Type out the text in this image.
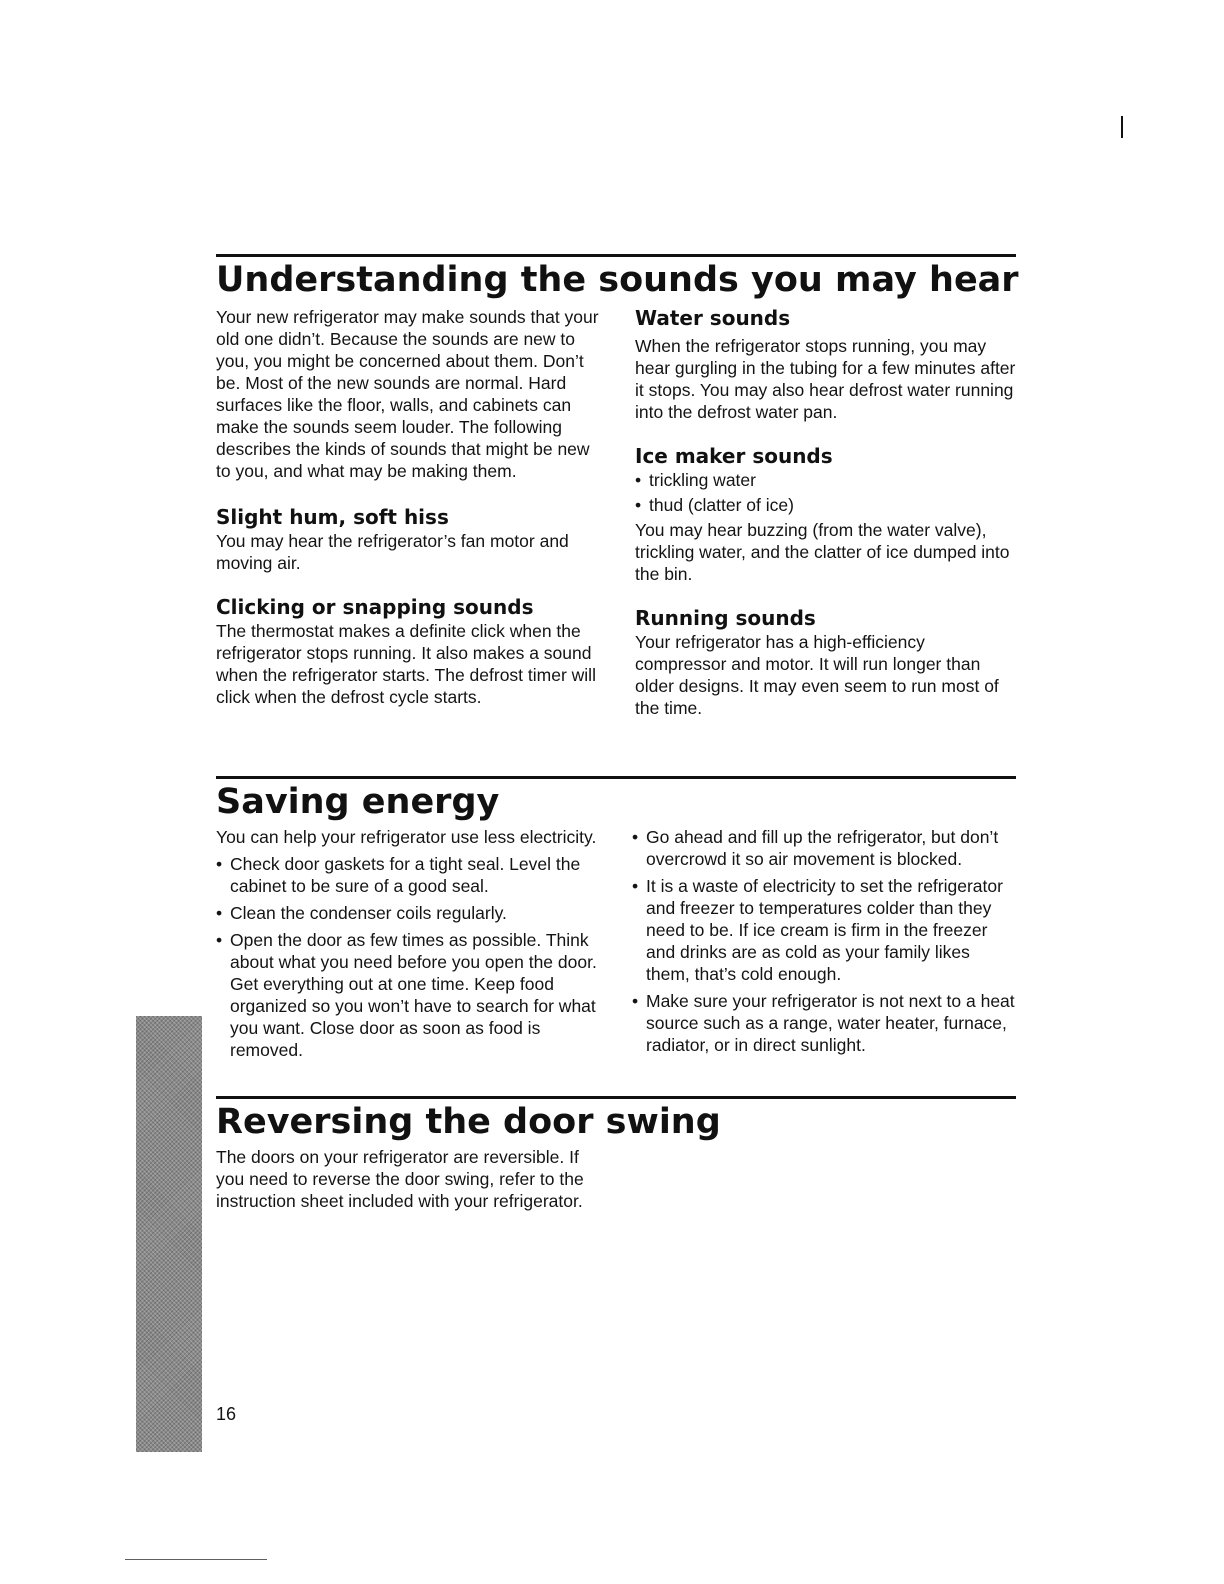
Understanding the sounds you may hear

Your new refrigerator may make sounds that your old one didn’t. Because the sounds are new to you, you might be concerned about them. Don’t be. Most of the new sounds are normal. Hard surfaces like the floor, walls, and cabinets can make the sounds seem louder. The following describes the kinds of sounds that might be new to you, and what may be making them.

Slight hum, soft hiss

You may hear the refrigerator’s fan motor and moving air.

Clicking or snapping sounds

The thermostat makes a definite click when the refrigerator stops running. It also makes a sound when the refrigerator starts. The defrost timer will click when the defrost cycle starts.

Water sounds

When the refrigerator stops running, you may hear gurgling in the tubing for a few minutes after it stops. You may also hear defrost water running into the defrost water pan.

Ice maker sounds
• trickling water
• thud (clatter of ice)

You may hear buzzing (from the water valve), trickling water, and the clatter of ice dumped into the bin.

Running sounds

Your refrigerator has a high-efficiency compressor and motor. It will run longer than older designs. It may even seem to run most of the time.

Saving energy

You can help your refrigerator use less electricity.

• Check door gaskets for a tight seal. Level the cabinet to be sure of a good seal.
• Clean the condenser coils regularly.
• Open the door as few times as possible. Think about what you need before you open the door. Get everything out at one time. Keep food organized so you won’t have to search for what you want. Close door as soon as food is removed.
• Go ahead and fill up the refrigerator, but don’t overcrowd it so air movement is blocked.
• It is a waste of electricity to set the refrigerator and freezer to temperatures colder than they need to be. If ice cream is firm in the freezer and drinks are as cold as your family likes them, that’s cold enough.
• Make sure your refrigerator is not next to a heat source such as a range, water heater, furnace, radiator, or in direct sunlight.
Reversing the door swing

The doors on your refrigerator are reversible. If you need to reverse the door swing, refer to the instruction sheet included with your refrigerator.

16
